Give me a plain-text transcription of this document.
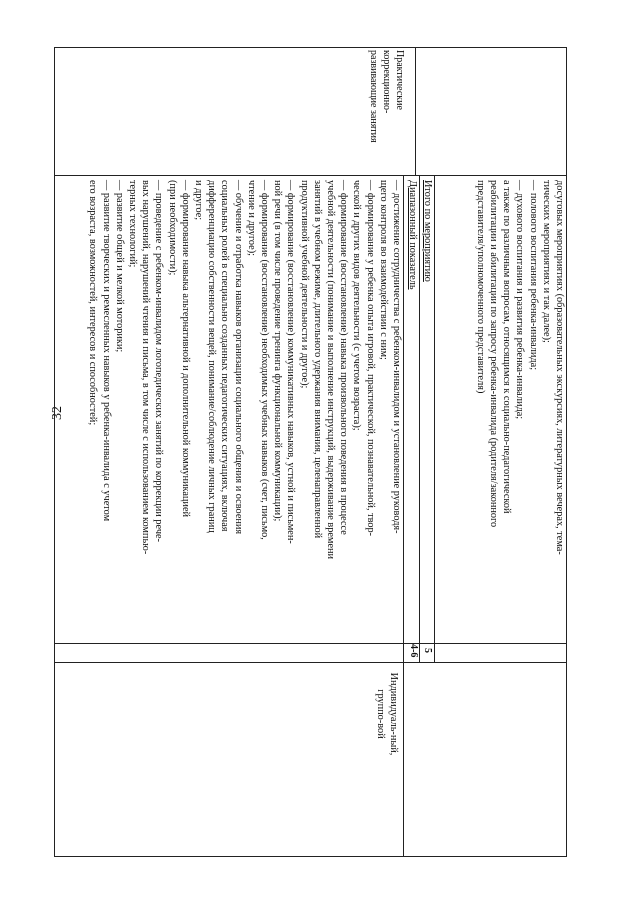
32
Практические коррекционно-развивающие занятия

досуговых мероприятиях (образовательных экскурсиях, литературных вечерах, тема-

тических мероприятиях и так далее);

— полового воспитания ребенка-инвалида;

— духового воспитания и развития ребенка-инвалида;

а также по различным вопросам, относящимся к социально-педагогической

реабилитации и абилитации по запросу ребенка-инвалида (родителя/законного

представителя/уполномоченного представителя)

Итого по мероприятию
Диапазонный показатель

— достижение сотрудничества с ребенком-инвалидом и установление руководя-

щего контроля во взаимодействии с ним;

— формирование у ребенка опыта игровой, практической, познавательной, твор-

ческой и других видов деятельности (с учетом возраста);

— формирование (восстановление) навыка произвольного поведения в процессе

учебной деятельности (понимание и выполнение инструкций, выдерживание времени

занятий в учебном режиме, длительного удержания внимания, целенаправленной

продуктивной учебной деятельности и другое);

— формирование (восстановление) коммуникативных навыков, устной и письмен-

ной речи (в том числе проведение тренинга функциональной коммуникации);

— формирование (восстановление) необходимых учебных навыков (счет, письмо,

чтение и другое);

— обучение и отработка навыков организации социального общения и освоения

социальных ролей в специально созданных педагогических ситуациях, включая

дифференциацию собственности вещей, понимание/соблюдение личных границ

и другое;

— формирование навыка альтернативной и дополнительной коммуникацией

(при необходимости);

— проведение с ребенком-инвалидом логопедических занятий по коррекции рече-

вых нарушений, нарушений чтения и письма, в том числе с использованием компью-

терных технологий;

— развитие общей и мелкой моторики;

— развитие творческих и ремесленных навыков у ребенка-инвалида с учетом

его возраста, возможностей, интересов и способностей;

5
4-6
Индивидуаль-ный, группо-вой
